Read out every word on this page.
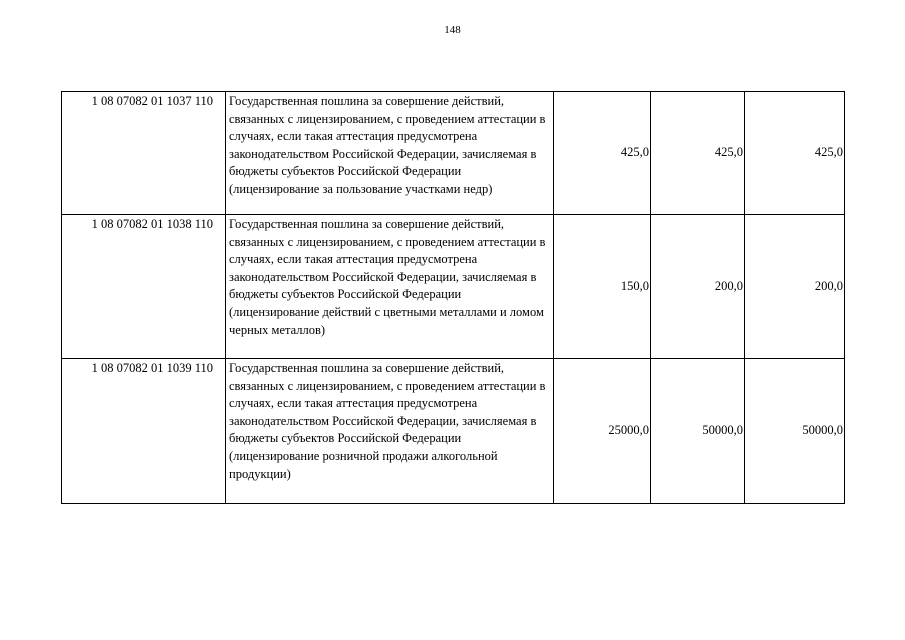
148
1 08 07082 01 1037 110	Государственная пошлина за совершение действий, связанных с лицензированием, с проведением аттестации в случаях, если такая аттестация предусмотрена законодательством Российской Федерации, зачисляемая в бюджеты субъектов Российской Федерации (лицензирование за пользование участками недр)	425,0	425,0	425,0
1 08 07082 01 1038 110	Государственная пошлина за совершение действий, связанных с лицензированием, с проведением аттестации в случаях, если такая аттестация предусмотрена законодательством Российской Федерации, зачисляемая в бюджеты субъектов Российской Федерации (лицензирование действий с цветными металлами и ломом черных металлов)	150,0	200,0	200,0
1 08 07082 01 1039 110	Государственная пошлина за совершение действий, связанных с лицензированием, с проведением аттестации в случаях, если такая аттестация предусмотрена законодательством Российской Федерации, зачисляемая в бюджеты субъектов Российской Федерации (лицензирование розничной продажи алкогольной продукции)	25000,0	50000,0	50000,0
